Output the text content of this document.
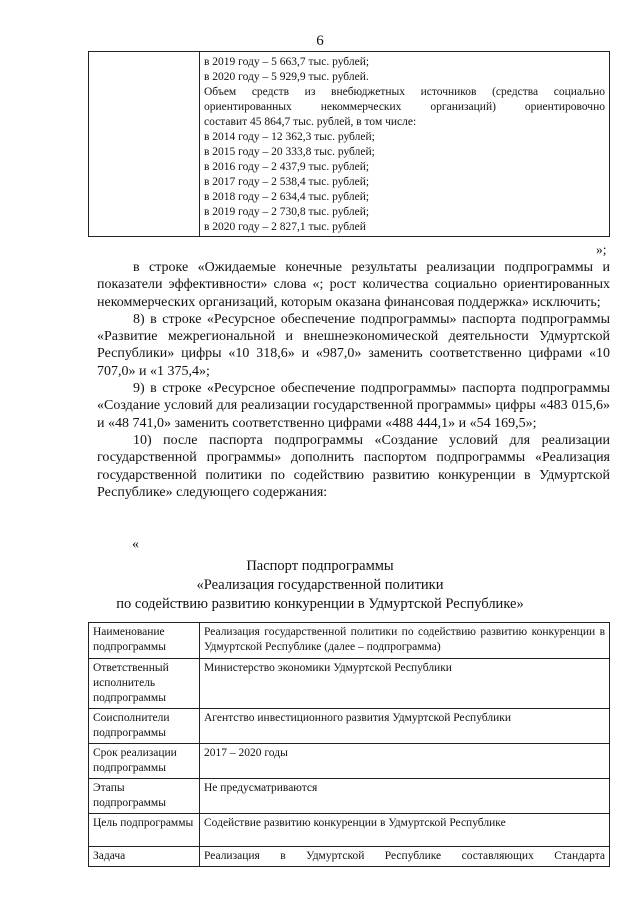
6

в 2019 году – 5 663,7 тыс. рублей;
в 2020 году – 5 929,9 тыс. рублей.
Объем средств из внебюджетных источников (средства социально
ориентированных некоммерческих организаций) ориентировочно
составит 45 864,7 тыс. рублей, в том числе:
в 2014 году – 12 362,3 тыс. рублей;
в 2015 году – 20 333,8 тыс. рублей;
в 2016 году – 2 437,9 тыс. рублей;
в 2017 году – 2 538,4 тыс. рублей;
в 2018 году – 2 634,4 тыс. рублей;
в 2019 году – 2 730,8 тыс. рублей;
в 2020 году – 2 827,1 тыс. рублей
»;

в строке «Ожидаемые конечные результаты реализации подпрограммы и показатели эффективности» слова «; рост количества социально ориентированных некоммерческих организаций, которым оказана финансовая поддержка» исключить;

8) в строке «Ресурсное обеспечение подпрограммы» паспорта подпрограммы «Развитие межрегиональной и внешнеэкономической деятельности Удмуртской Республики» цифры «10 318,6» и «987,0» заменить соответственно цифрами «10 707,0» и «1 375,4»;

9) в строке «Ресурсное обеспечение подпрограммы» паспорта подпрограммы «Создание условий для реализации государственной программы» цифры «483 015,6» и «48 741,0» заменить соответственно цифрами «488 444,1» и «54 169,5»;

10) после паспорта подпрограммы «Создание условий для реализации государственной программы» дополнить паспортом подпрограммы «Реализация государственной политики по содействию развитию конкуренции в Удмуртской Республике» следующего содержания:

«
Паспорт подпрограммы
«Реализация государственной политики
по содействию развитию конкуренции в Удмуртской Республике»
Наименование подпрограммы	Реализация государственной политики по содействию развитию конкуренции в Удмуртской Республике (далее – подпрограмма)
Ответственный исполнитель подпрограммы	Министерство экономики Удмуртской Республики
Соисполнители подпрограммы	Агентство инвестиционного развития Удмуртской Республики
Срок реализации подпрограммы	2017 – 2020 годы
Этапы подпрограммы	Не предусматриваются
Цель подпрограммы	Содействие развитию конкуренции в Удмуртской Республике
Задача	Реализация в Удмуртской Республике составляющих Стандарта
